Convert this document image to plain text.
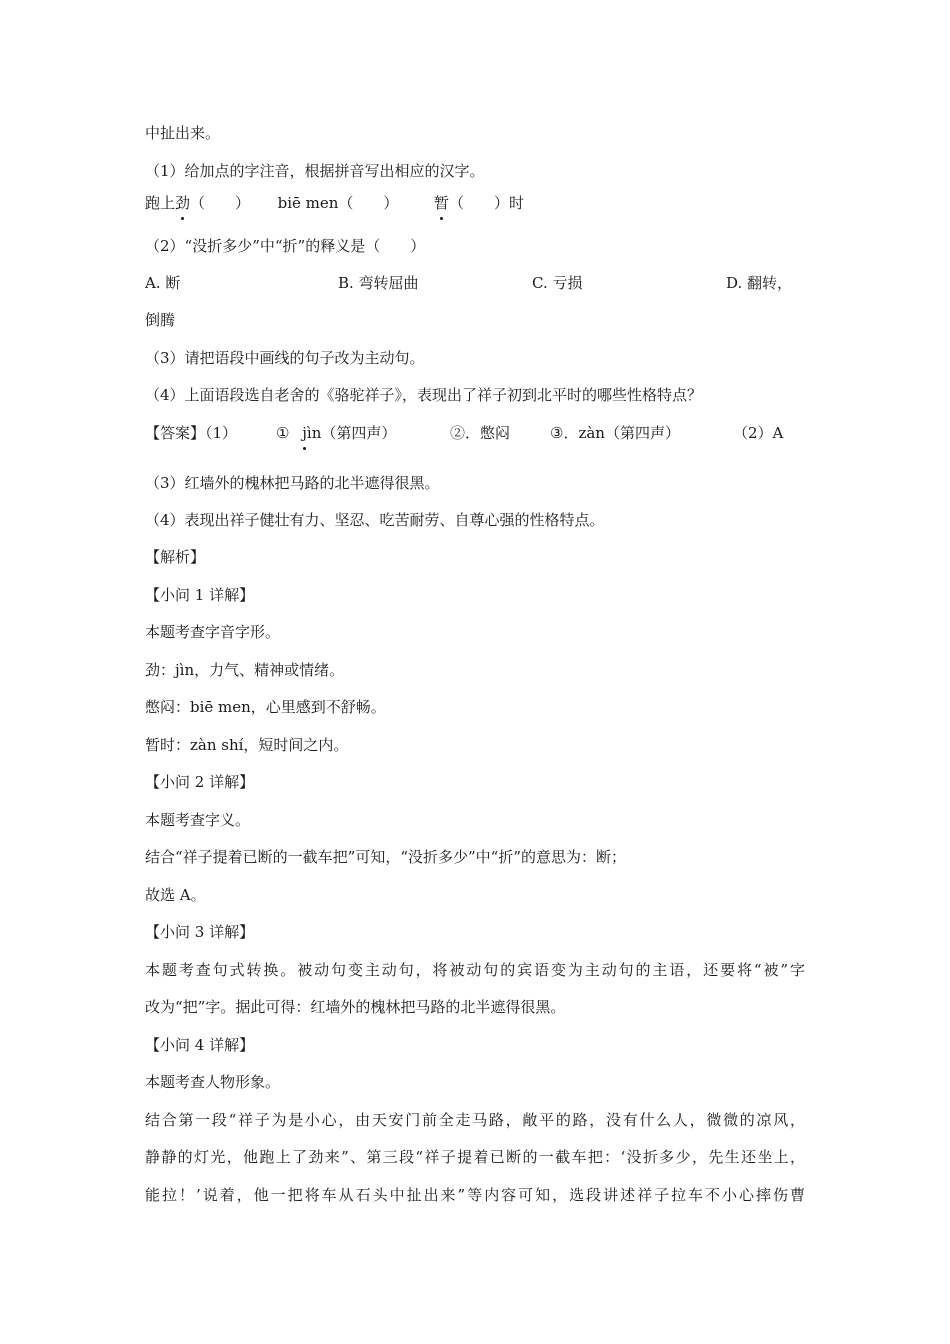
中扯出来。
（1）给加点的字注音，根据拼音写出相应的汉字。
跑上劲（　　） biē men（　　） 暂（　　）时
（2）“没折多少”中“折”的释义是（　　）
A. 断	B. 弯转屈曲	C. 亏损	D. 翻转，
倒腾
（3）请把语段中画线的句子改为主动句。
（4）上面语段选自老舍的《骆驼祥子》，表现出了祥子初到北平时的哪些性格特点？
【答案】（1）	① jìn（第四声）	②．憋闷	③．zàn（第四声）	（2）A
（3）红墙外的槐林把马路的北半遮得很黑。
（4）表现出祥子健壮有力、坚忍、吃苦耐劳、自尊心强的性格特点。
【解析】
【小问 1 详解】
本题考查字音字形。
劲：jìn，力气、精神或情绪。
憋闷：biē men，心里感到不舒畅。
暂时：zàn shí，短时间之内。
【小问 2 详解】
本题考查字义。
结合“祥子提着已断的一截车把”可知，“没折多少”中“折”的意思为：断；
故选 A。
【小问 3 详解】
本题考查句式转换。被动句变主动句，将被动句的宾语变为主动句的主语，还要将“被”字
改为“把”字。据此可得：红墙外的槐林把马路的北半遮得很黑。
【小问 4 详解】
本题考查人物形象。
结合第一段“祥子为是小心，由天安门前全走马路，敞平的路，没有什么人，微微的凉风，
静静的灯光，他跑上了劲来”、第三段“祥子提着已断的一截车把：‘没折多少，先生还坐上，
能拉！’说着，他一把将车从石头中扯出来”等内容可知，选段讲述祥子拉车不小心摔伤曹
